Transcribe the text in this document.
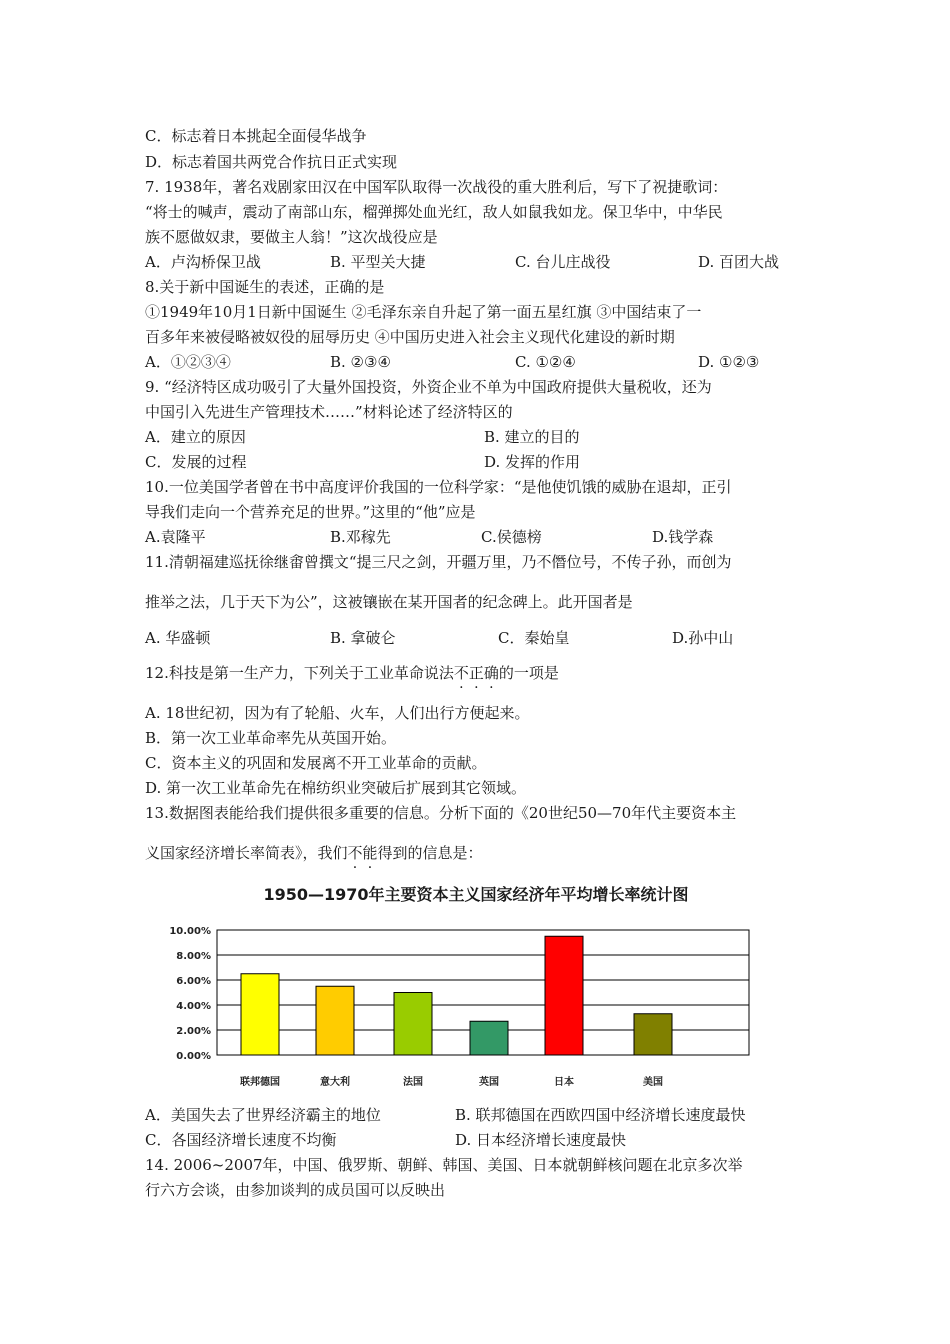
C．标志着日本挑起全面侵华战争
D．标志着国共两党合作抗日正式实现
7. 1938年，著名戏剧家田汉在中国军队取得一次战役的重大胜利后，写下了祝捷歌词：
“将士的喊声，震动了南部山东，榴弹掷处血光红，敌人如鼠我如龙。保卫华中，中华民
族不愿做奴隶，要做主人翁！”这次战役应是
A．卢沟桥保卫战	B. 平型关大捷	C. 台儿庄战役	D. 百团大战
8.关于新中国诞生的表述，正确的是
①1949年10月1日新中国诞生 ②毛泽东亲自升起了第一面五星红旗 ③中国结束了一
百多年来被侵略被奴役的屈辱历史 ④中国历史进入社会主义现代化建设的新时期
A．①②③④	B. ②③④	C. ①②④	D. ①②③
9. “经济特区成功吸引了大量外国投资，外资企业不单为中国政府提供大量税收，还为
中国引入先进生产管理技术……”材料论述了经济特区的
A．建立的原因	B. 建立的目的
C．发展的过程	D. 发挥的作用
10.一位美国学者曾在书中高度评价我国的一位科学家：“是他使饥饿的威胁在退却，正引
导我们走向一个营养充足的世界。”这里的“他”应是
A.袁隆平	B.邓稼先	C.侯德榜	D.钱学森
11.清朝福建巡抚徐继畬曾撰文“提三尺之剑，开疆万里，乃不僭位号，不传子孙，而创为
推举之法，几于天下为公”，这被镶嵌在某开国者的纪念碑上。此开国者是
A. 华盛顿	B. 拿破仑	C．秦始皇	D.孙中山
12.科技是第一生产力，下列关于工业革命说法不正确的一项是
A. 18世纪初，因为有了轮船、火车，人们出行方便起来。
B．第一次工业革命率先从英国开始。
C．资本主义的巩固和发展离不开工业革命的贡献。
D. 第一次工业革命先在棉纺织业突破后扩展到其它领域。
13.数据图表能给我们提供很多重要的信息。分析下面的《20世纪50—70年代主要资本主
义国家经济增长率简表》，我们不能得到的信息是：
1950—1970年主要资本主义国家经济年平均增长率统计图
0.00%
2.00%
4.00%
6.00%
8.00%
10.00%
联邦德国	意大利	法国	英国	日本	美国
A．美国失去了世界经济霸主的地位	B. 联邦德国在西欧四国中经济增长速度最快
C．各国经济增长速度不均衡	D. 日本经济增长速度最快
14. 2006~2007年，中国、俄罗斯、朝鲜、韩国、美国、日本就朝鲜核问题在北京多次举
行六方会谈，由参加谈判的成员国可以反映出
